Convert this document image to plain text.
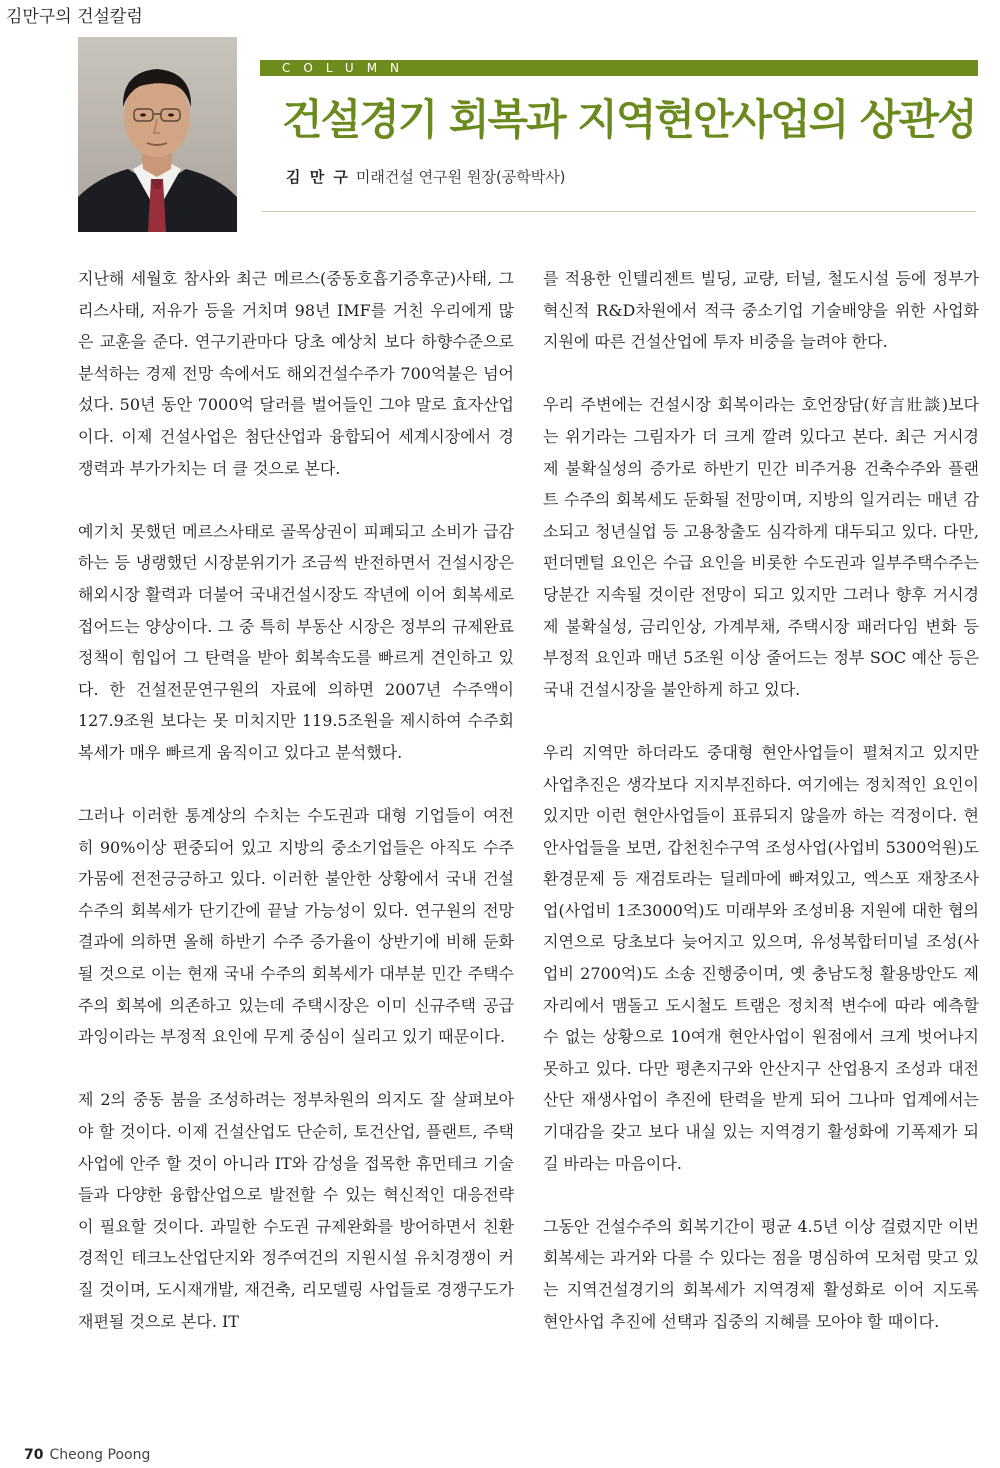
김만구의 건설칼럼
COLUMN
건설경기 회복과 지역현안사업의 상관성
김 만 구 미래건설 연구원 원장(공학박사)

지난해 세월호 참사와 최근 메르스(중동호흡기증후군)사태, 그리스사태, 저유가 등을 거치며 98년 IMF를 거친 우리에게 많은 교훈을 준다. 연구기관마다 당초 예상치 보다 하향수준으로 분석하는 경제 전망 속에서도 해외건설수주가 700억불은 넘어섰다. 50년 동안 7000억 달러를 벌어들인 그야 말로 효자산업이다. 이제 건설사업은 첨단산업과 융합되어 세계시장에서 경쟁력과 부가가치는 더 클 것으로 본다.

예기치 못했던 메르스사태로 골목상권이 피폐되고 소비가 급감하는 등 냉랭했던 시장분위기가 조금씩 반전하면서 건설시장은 해외시장 활력과 더불어 국내건설시장도 작년에 이어 회복세로 접어드는 양상이다. 그 중 특히 부동산 시장은 정부의 규제완료 정책이 힘입어 그 탄력을 받아 회복속도를 빠르게 견인하고 있다. 한 건설전문연구원의 자료에 의하면 2007년 수주액이 127.9조원 보다는 못 미치지만 119.5조원을 제시하여 수주회복세가 매우 빠르게 움직이고 있다고 분석했다.

그러나 이러한 통계상의 수치는 수도권과 대형 기업들이 여전히 90%이상 편중되어 있고 지방의 중소기업들은 아직도 수주 가뭄에 전전긍긍하고 있다. 이러한 불안한 상황에서 국내 건설수주의 회복세가 단기간에 끝날 가능성이 있다. 연구원의 전망 결과에 의하면 올해 하반기 수주 증가율이 상반기에 비해 둔화될 것으로 이는 현재 국내 수주의 회복세가 대부분 민간 주택수주의 회복에 의존하고 있는데 주택시장은 이미 신규주택 공급과잉이라는 부정적 요인에 무게 중심이 실리고 있기 때문이다.

제 2의 중동 붐을 조성하려는 정부차원의 의지도 잘 살펴보아야 할 것이다. 이제 건설산업도 단순히, 토건산업, 플랜트, 주택사업에 안주 할 것이 아니라 IT와 감성을 접목한 휴먼테크 기술들과 다양한 융합산업으로 발전할 수 있는 혁신적인 대응전략이 필요할 것이다. 과밀한 수도권 규제완화를 방어하면서 친환경적인 테크노산업단지와 정주여건의 지원시설 유치경쟁이 커질 것이며, 도시재개발, 재건축, 리모델링 사업들로 경쟁구도가 재편될 것으로 본다. IT

를 적용한 인텔리젠트 빌딩, 교량, 터널, 철도시설 등에 정부가 혁신적 R&D차원에서 적극 중소기업 기술배양을 위한 사업화지원에 따른 건설산업에 투자 비중을 늘려야 한다.

우리 주변에는 건설시장 회복이라는 호언장담(好言壯談)보다는 위기라는 그림자가 더 크게 깔려 있다고 본다. 최근 거시경제 불확실성의 증가로 하반기 민간 비주거용 건축수주와 플랜트 수주의 회복세도 둔화될 전망이며, 지방의 일거리는 매년 감소되고 청년실업 등 고용창출도 심각하게 대두되고 있다. 다만, 펀더멘털 요인은 수급 요인을 비롯한 수도권과 일부주택수주는 당분간 지속될 것이란 전망이 되고 있지만 그러나 향후 거시경제 불확실성, 금리인상, 가계부채, 주택시장 패러다임 변화 등 부정적 요인과 매년 5조원 이상 줄어드는 정부 SOC 예산 등은 국내 건설시장을 불안하게 하고 있다.

우리 지역만 하더라도 중대형 현안사업들이 펼쳐지고 있지만 사업추진은 생각보다 지지부진하다. 여기에는 정치적인 요인이 있지만 이런 현안사업들이 표류되지 않을까 하는 걱정이다. 현안사업들을 보면, 갑천친수구역 조성사업(사업비 5300억원)도 환경문제 등 재검토라는 딜레마에 빠져있고, 엑스포 재창조사업(사업비 1조3000억)도 미래부와 조성비용 지원에 대한 협의 지연으로 당초보다 늦어지고 있으며, 유성복합터미널 조성(사업비 2700억)도 소송 진행중이며, 옛 충남도청 활용방안도 제자리에서 맴돌고 도시철도 트램은 정치적 변수에 따라 예측할 수 없는 상황으로 10여개 현안사업이 원점에서 크게 벗어나지 못하고 있다. 다만 평촌지구와 안산지구 산업용지 조성과 대전산단 재생사업이 추진에 탄력을 받게 되어 그나마 업계에서는 기대감을 갖고 보다 내실 있는 지역경기 활성화에 기폭제가 되길 바라는 마음이다.

그동안 건설수주의 회복기간이 평균 4.5년 이상 걸렸지만 이번 회복세는 과거와 다를 수 있다는 점을 명심하여 모처럼 맞고 있는 지역건설경기의 회복세가 지역경제 활성화로 이어 지도록 현안사업 추진에 선택과 집중의 지혜를 모아야 할 때이다.

70 Cheong Poong
